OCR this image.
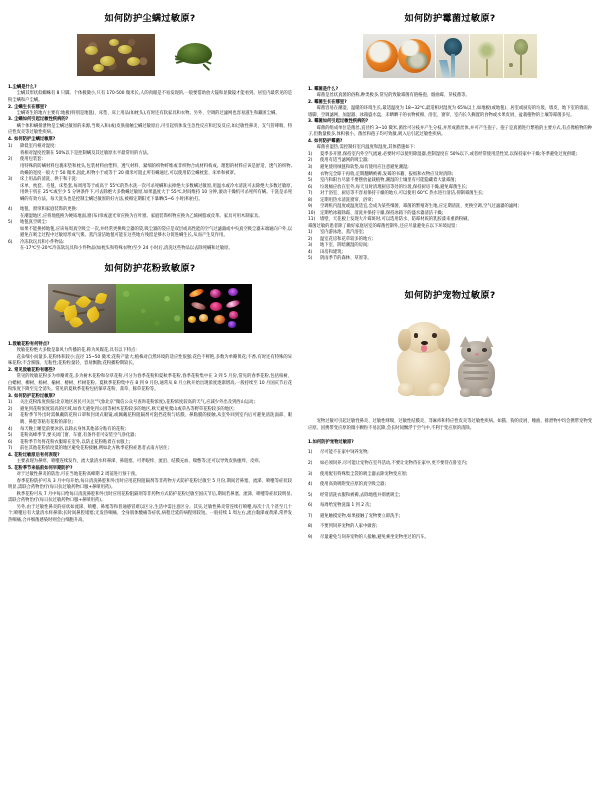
如何防护尘螨过敏原?
1.尘螨是什么?
尘螨其形状似蜘蛛有 8 只脚。个体极微小,只有 170-500 微米长,人的肉眼是不易发现的,一般要借助放大镜和显微镜才能看到。居室内最常见的是粉尘螨和户尘螨。
2. 尘螨生长在哪里?
尘螨寄生的地方主要有:地板(特别是地毯)、床垫、床上用品(如枕头),有时还有软家具和衣物。另外、空调的过滤网也容易滋生和藏匿尘螨。
3. 尘螨如何引起过敏性疾病的?
螨个体和螨排泄物是尘螨过敏原的来源,当吸入和(或)皮肤接触尘螨过敏原后,可引起机体发生急性反应和迟发反应,如过敏性鼻炎、支气管哮喘、特应性皮炎等过敏性疾病。
4. 如何防护尘螨过敏原?
1)	降低室内相对湿度:
将相对湿度控制在 50%以下是控制螨及其过敏原水平最常用的方法。
2)	使用包装套:
用特殊的防螨材料包裹床垫和枕头,包装材料由塑料、透气材料、紧细的织物纤维或非织物合成材料构成。理想的材料应该是舒适、透气的织物,幼螨的宽度一般大于 50 微米,因此,织物小于或等于 20 微米可阻止所有螨通过,可以使用防尘螨枕套、床单和被罩。
3)	床上用品的清洗、烘干和干洗:
床单、枕套、毛毯、床垫套,每周用等于或高于 55℃的热水洗一次可杀死螨和去掉绝大多数螨过敏原,用温水或冷水清洗可去除绝大多数过敏原,用烘干机在 25℃或至少 5 分钟条件下,可去除绝大多数螨过敏原,如果温度大于 55℃,时间维持 10 分钟,滚动干燥机可杀死所有螨。干洗是杀死螨的有效方法。每天洗头也是控制尘螨过敏原的好方法,被褥定期阳光下暴晒(5~6 小时)和拍打。
4)	地毯、窗帘和家庭装饰的更换:
在潮湿地区,应将地毯换为硬质地面,窗(布)帘或遮光帘应换为百叶窗。家庭装饰织物应换为乙烯树脂或皮革。家具可用木制家具。
5)	地毯真空吸尘:
如果不能换掉地毯,应该每周真空吸尘一次,并经常更换吸尘器的袋,吸尘器的袋应是双层或高性能的空气过滤器或中央真空吸尘器末端通向户外,以避免在吸尘过程中过敏原形成气雾。蒸汽清洁地毯可能在这些地方残留足够水分促进螨生长,从而产生反作用。
6)	冷冻软玩具和小件物品:
在-17℃至-20℃冷冻软玩具和小件物品(如枕头和特殊衣物)至少 24 小时后,清洗这些物品以去除死螨和过敏原。
如何防护花粉致敏原?
1.致敏花粉有何特点?
致敏花粉绝大多数是靠风力传播的花,称为风媒花,具有以下特点:
花朵细小而量多,花粉体积较小;直径 15~50 微米;花粉产量大;植株对自然环境的适应性很强;花色不鲜艳,多数为单瓣黄花;不香,有时还有特殊的异味花粉;不含蜜腺、无粘性;花粉粒量轻、容易飘散;花粉播粉期较长。
2. 常见致敏花粉有哪些?
常见的致敏花粉多为单瓣黄花,多为树木花粉和杂草花粉,可分为春季花粉和夏秋季花粉,春季花粉集中在 3 到 5 月份,常见的春季花粉,包括柏树、白蜡树、柳树、杨树、榆树、椿树、杉树花粉。夏秋季花粉集中在 8 到 9 月份,通常从 8 月立秋开始出现浓度逐渐增高,一般持续至 10 月国庆节后花粉浓度下降至完全消失。常见的夏秋季花粉包括葎草花粉、蒿草、豚草花粉等。
3. 如何防护花粉过敏原?
1)	关注花粉浓度预报(北京地区居民可关注"气象北京"微信公众号查询花粉浓度),花粉浓度较高的天气,应减少外出及到西山运动;
2)	避免到花粉浓度较高的区域,如春天避免到公园等树木花粉较多的地区,秋天避免爬山或草丛等野草花粉较多的地区;
3)	花粉季节外出时需佩戴防花粉口罩和封闭式眼镜,或佩戴花粉阻隔剂可阻挡花粉与结膜、鼻黏膜的接触,从室外回到室内后可避免清洗面部、眼睛、鼻腔等粘有花粉的部位;
4)	每天晚上睡觉前要沐浴,以除去身体其他部分粘有的花粉;
5)	花粉高峰季节,要关闭门窗、车窗,有条件者可安装空气净化器;
6)	花粉季节勿将花粉衣服晾在室外,以防止花粉粘着在衣服上;
7)	前往其他花粉浓度低的地区避免花粉接触,例如北方秋季花粉症患者去南方居住;
4. 花粉过敏原后有何表现?
主要表现为鼻痒、喷嚏连续发作、流大量清水样鼻涕、鼻阻塞、可伴眼痒、流泪、结膜充血、喘憋等;还可以导致皮肤瘙痒、皮疹。
5. 花粉季节来临前如何早期防护?
对于过敏性鼻炎的防治,可在当地花粉高峰期 2 周前进行预干预。
春季花粉防护可从 3 月中旬开始,每日清洗鼻腔和外出时应用花粉阻隔剂等非药物方式防护花粉过敏至 5 月份,期间若鼻塞、流涕、喷嚏等症状较明显,需联合药物治疗(每日抗过敏药物口服+鼻喷用药)。
秋季花粉可从 7 月中每日给每日清洗鼻腔和外出时应用花粉阻隔剂等非药物方式防护花粉过敏至国庆节后,期间若鼻塞、流涕、喷嚏等症状较明显,需联合药物治疗(每日抗过敏药物口服+鼻喷用药)。
另外,由于过敏性鼻炎的症状如流涕、喷嚏、鼻塞等和普通感冒难以区分,生活中需注意区分。其实,过敏性鼻炎常连续打喷嚏,每次十几个甚至几十个;喷嚏后有大量清水样鼻涕;长时间鼻腔堵塞;无发热咽痛、全身肌体酸痛等症状,病程迁延的病程则较短。一般持续 1 周左右,流白黏涕或黄涕,常伴发热咽痛,合并细菌感染时则会白细胞升高。
如何防护霉菌过敏原?
1. 霉菌是什么?
霉菌是丝状真菌的俗称,种类极多,常见的致敏霉菌有链格孢、烟曲霉、芽枝菌等。
2. 霉菌生长在哪里?
霉菌容易在潮湿、温暖的环境生长,最适温度为 18~32℃,最适相对湿度为 65%以上,如地板(或地毯)、居室或厨房的垃圾、墙皮、地下室的墙面、墙脚、空调滤网、加湿器、冰箱盛水盘、未晒晒干的衣物被褥、浴室、窗帘、室内长久搁置的食物或水果皮屑、盆栽植物的上壤等霉菌多见。
3. 霉菌如何引起过敏性疾病的?
霉菌的组成单位是菌丝,直径约 3~10 微米,菌丝可分枝并产生分枝,并形成菌丝体,并可产生孢子。孢子是真菌进行繁殖的主要方式,有点像植物的种子,但数量极多,体积极小。菌丝和孢子均可致敏,吸入后引起过敏性疾病。
4. 如何防护霉菌?
霉菌喜湿热,需控制好室内温度和湿度,其体措施如下:
1)	夏季多开窗,保持室内外空气流通,必要时可以使用除湿器,控制湿度在 50%以下,或者经常使用活性炭,以保持家中干燥;冬季避免过度供暖;
2)	使用有适当滤网的吸尘器;
3)	避免使用绒毯和软垫,如有使用应注意避免潮湿;
4)	衣物完全晾干再收,定期翻晒被褥,发霉的书籍、报纸和衣物应及时清除;
5)	室内和阳台尽量不要摆放盆栽植物,潮湿的土壤里有可能隐藏着大量霉菌;
6)	垃圾桶应放在室外,每天及时清理厨房等处的垃圾,保持厨房干燥,避免霉菌生长;
7)	对于浴室、厨房等不容易保持干燥的地方,可以使用 60°C 热水进行清洁,抑制霉菌生长;
8)	定期用热水清洗窗帘、浴帘;
9)	空调机内湿度或温度适宜,会成为某些细菌、霉菌的繁殖寄生地,应定期清洗、更换空调,空气过滤器的滤网;
10)	定期给冰箱除霜、清洗并保持干燥,保持冰箱下的盛水器清洁干燥;
11)	墙壁、天花板上发现大片霉斑时,可以选用防水、防霉材质的乳胶漆来重新粉刷。
霉菌过敏的患者除了做好家庭居室的霉菌控制外,还应尽量避免在以下环境逗留:
1)	室内游泳池、蒸汽浴室;
2)	温室花房和花草较多的地方;
3)	地下室、阴暗潮湿的房间;
4)	田房和建筑;
5)	阴雨季节的森林、草原等。
如何防护宠物过敏原?
宠物过敏可引起过敏性鼻炎、过敏性哮喘、过敏性结膜炎、荨麻疹和特应性皮炎等过敏性疾病。如猫、狗的皮屑、唾液、排泄物中均会携带宠物变应原。因携带变应原的微小颗粒不易沉降,会长时间飘浮于空气中,不利于变应原的清除。
1.如何防护宠物过敏原?
1)	尽可能不在家中饲养宠物;
2)	如必须饲养,尽可能让宠物在室外活动,不要让宠物待在家中,更不要待在卧室内;
3)	使用配有特殊集尘袋的吸尘器去除宠物变应原;
4)	使用高效吸附变应原的真空吸尘器;
5)	经常清洗衣服和被褥,去除地毯并彻底吸尘;
6)	每周给宠物洗澡 1 到 2 次;
7)	避免触摸宠物,如果接触了宠物要立即洗手;
8)	不要到饲养宠物的人家中做客;
9)	尽量避免与饲养宠物的人接触,避免乘坐宠物坐过的汽车。
